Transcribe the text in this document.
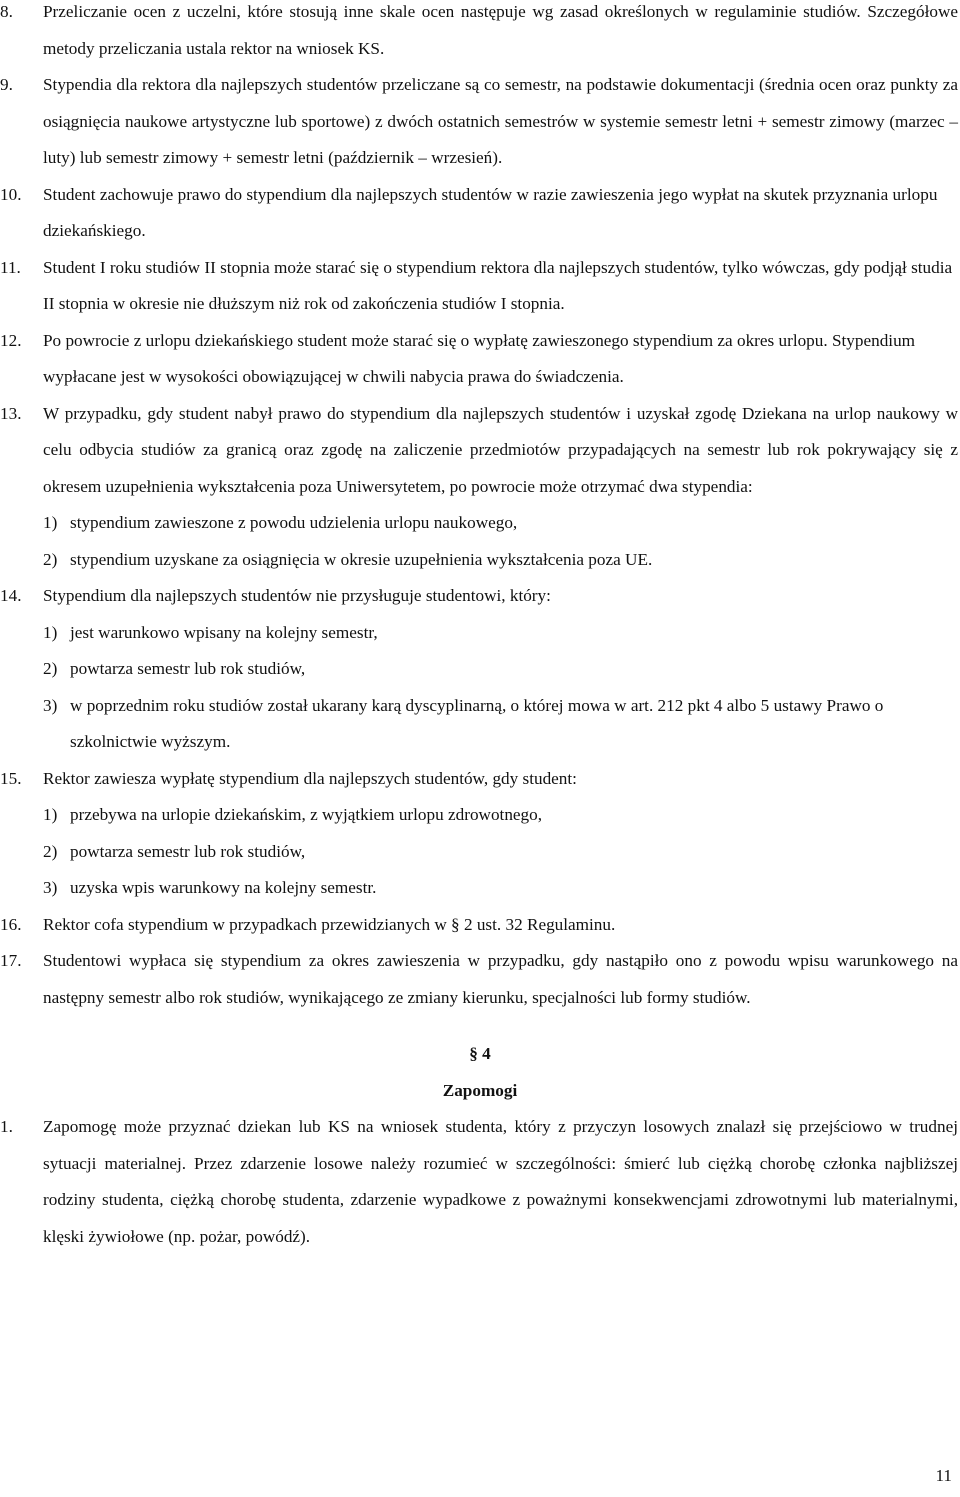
8.	Przeliczanie ocen z uczelni, które stosują inne skale ocen następuje wg zasad określonych w regulaminie studiów. Szczegółowe metody przeliczania ustala rektor na wniosek KS.
9.	Stypendia dla rektora dla najlepszych studentów przeliczane są co semestr, na podstawie dokumentacji (średnia ocen oraz punkty za osiągnięcia naukowe artystyczne lub sportowe) z dwóch ostatnich semestrów w systemie semestr letni + semestr zimowy (marzec – luty) lub semestr zimowy + semestr letni (październik – wrzesień).
10.	Student zachowuje prawo do stypendium dla najlepszych studentów w razie zawieszenia jego wypłat na skutek przyznania urlopu dziekańskiego.
11.	Student I roku studiów II stopnia może starać się o stypendium rektora dla najlepszych studentów, tylko wówczas, gdy podjął studia II stopnia w okresie nie dłuższym niż rok od zakończenia studiów I stopnia.
12.	Po powrocie z urlopu dziekańskiego student może starać się o wypłatę zawieszonego stypendium za okres urlopu. Stypendium wypłacane jest w wysokości obowiązującej w chwili nabycia prawa do świadczenia.
13.	W przypadku, gdy student nabył prawo do stypendium dla najlepszych studentów i uzyskał zgodę Dziekana na urlop naukowy w celu odbycia studiów za granicą oraz zgodę na zaliczenie przedmiotów przypadających na semestr lub rok pokrywający się z okresem uzupełnienia wykształcenia poza Uniwersytetem, po powrocie może otrzymać dwa stypendia:
1) stypendium zawieszone z powodu udzielenia urlopu naukowego,
2) stypendium uzyskane za osiągnięcia w okresie uzupełnienia wykształcenia poza UE.
14.	Stypendium dla najlepszych studentów nie przysługuje studentowi, który:
1) jest warunkowo wpisany na kolejny semestr,
2) powtarza semestr lub rok studiów,
3) w poprzednim roku studiów został ukarany karą dyscyplinarną, o której mowa w art. 212 pkt 4 albo 5 ustawy Prawo o szkolnictwie wyższym.
15.	Rektor zawiesza wypłatę stypendium dla najlepszych studentów, gdy student:
1) przebywa na urlopie dziekańskim, z wyjątkiem urlopu zdrowotnego,
2) powtarza semestr lub rok studiów,
3) uzyska wpis warunkowy na kolejny semestr.
16.	Rektor cofa stypendium w przypadkach przewidzianych w § 2 ust. 32 Regulaminu.
17.	Studentowi wypłaca się stypendium za okres zawieszenia w przypadku, gdy nastąpiło ono z powodu wpisu warunkowego na następny semestr albo rok studiów, wynikającego ze zmiany kierunku, specjalności lub formy studiów.
§ 4
Zapomogi
1.	Zapomogę może przyznać dziekan lub KS na wniosek studenta, który z przyczyn losowych znalazł się przejściowo w trudnej sytuacji materialnej. Przez zdarzenie losowe należy rozumieć w szczególności: śmierć lub ciężką chorobę członka najbliższej rodziny studenta, ciężką chorobę studenta, zdarzenie wypadkowe z poważnymi konsekwencjami zdrowotnymi lub materialnymi, klęski żywiołowe (np. pożar, powódź).
11
